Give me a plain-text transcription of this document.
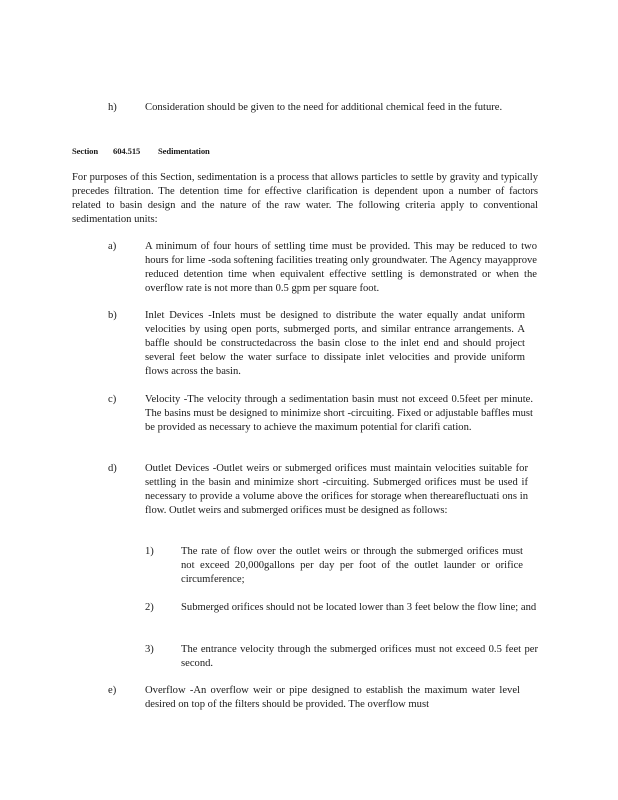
h)	Consideration should be given to the need for additional chemical feed in the future.
Section 604.515 Sedimentation
For purposes of this Section, sedimentation is a process that allows particles to settle by gravity and typically precedes filtration. The detention time for effective clarification is dependent upon a number of factors related to basin design and the nature of the raw water. The following criteria apply to conventional sedimentation units:
a)	A minimum of four hours of settling time must be provided. This may be reduced to two hours for lime -soda softening facilities treating only groundwater. The Agency mayapprove reduced detention time when equivalent effective settling is demonstrated or when the overflow rate is not more than 0.5 gpm per square foot.
b)	Inlet Devices -Inlets must be designed to distribute the water equally andat uniform velocities by using open ports, submerged ports, and similar entrance arrangements. A baffle should be constructedacross the basin close to the inlet end and should project several feet below the water surface to dissipate inlet velocities and provide uniform flows across the basin.
c)	Velocity -The velocity through a sedimentation basin must not exceed 0.5feet per minute. The basins must be designed to minimize short -circuiting. Fixed or adjustable baffles must be provided as necessary to achieve the maximum potential for clarifi cation.
d)	Outlet Devices -Outlet weirs or submerged orifices must maintain velocities suitable for settling in the basin and minimize short -circuiting. Submerged orifices must be used if necessary to provide a volume above the orifices for storage when therearefluctuati ons in flow. Outlet weirs and submerged orifices must be designed as follows:
1)	The rate of flow over the outlet weirs or through the submerged orifices must not exceed 20,000gallons per day per foot of the outlet launder or orifice circumference;
2)	Submerged orifices should not be located lower than 3 feet below the flow line; and
3)	The entrance velocity through the submerged orifices must not exceed 0.5 feet per second.
e)	Overflow -An overflow weir or pipe designed to establish the maximum water level desired on top of the filters should be provided. The overflow must
